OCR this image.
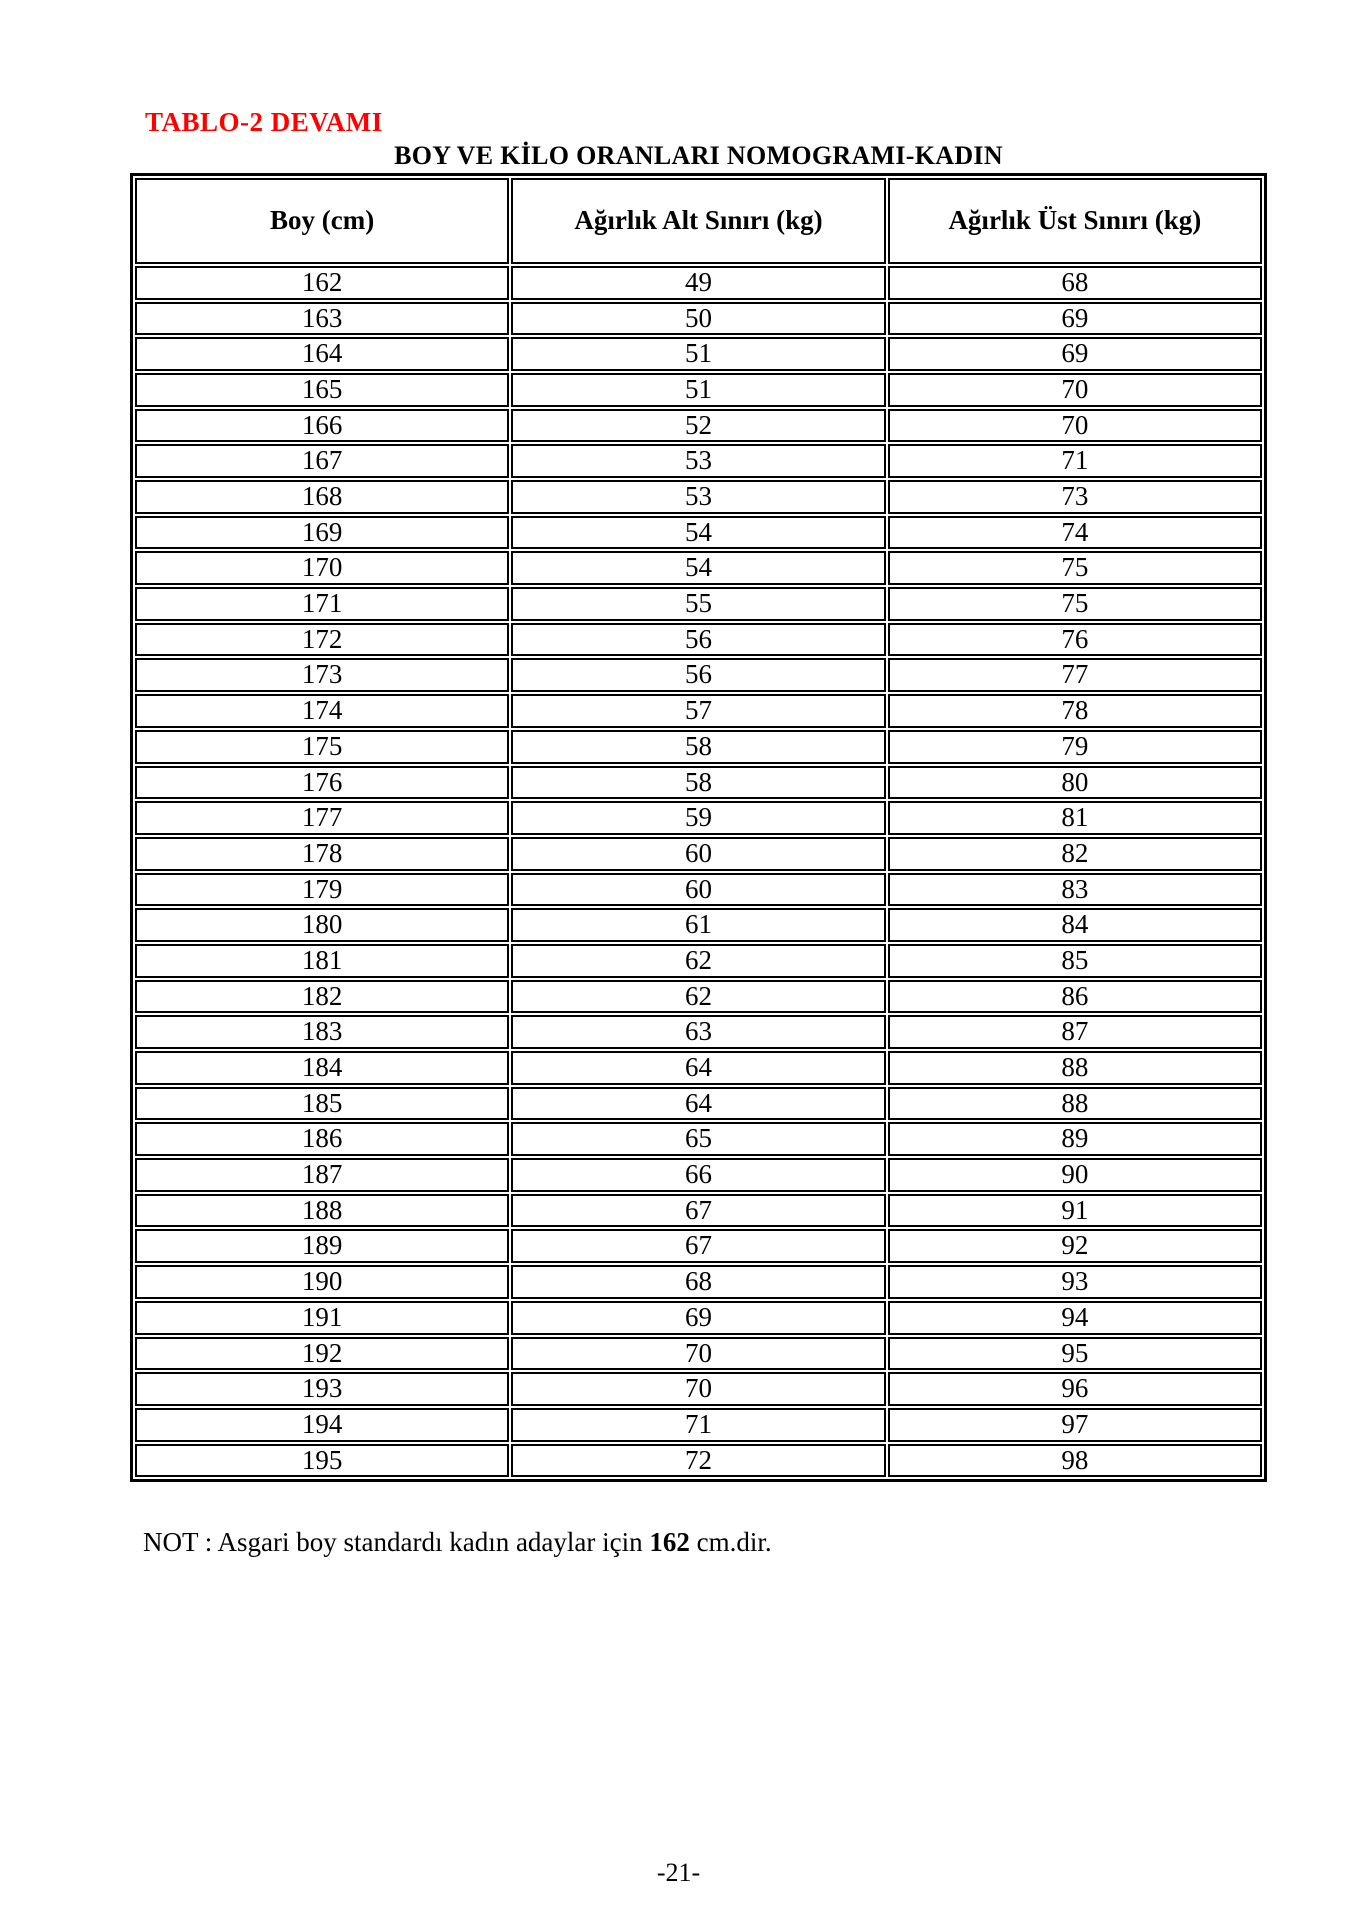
TABLO-2 DEVAMI
BOY VE KİLO ORANLARI NOMOGRAMI-KADIN
Boy (cm)	Ağırlık Alt Sınırı (kg)	Ağırlık Üst Sınırı (kg)
162	49	68
163	50	69
164	51	69
165	51	70
166	52	70
167	53	71
168	53	73
169	54	74
170	54	75
171	55	75
172	56	76
173	56	77
174	57	78
175	58	79
176	58	80
177	59	81
178	60	82
179	60	83
180	61	84
181	62	85
182	62	86
183	63	87
184	64	88
185	64	88
186	65	89
187	66	90
188	67	91
189	67	92
190	68	93
191	69	94
192	70	95
193	70	96
194	71	97
195	72	98
NOT : Asgari boy standardı kadın adaylar için 162 cm.dir.
-21-
